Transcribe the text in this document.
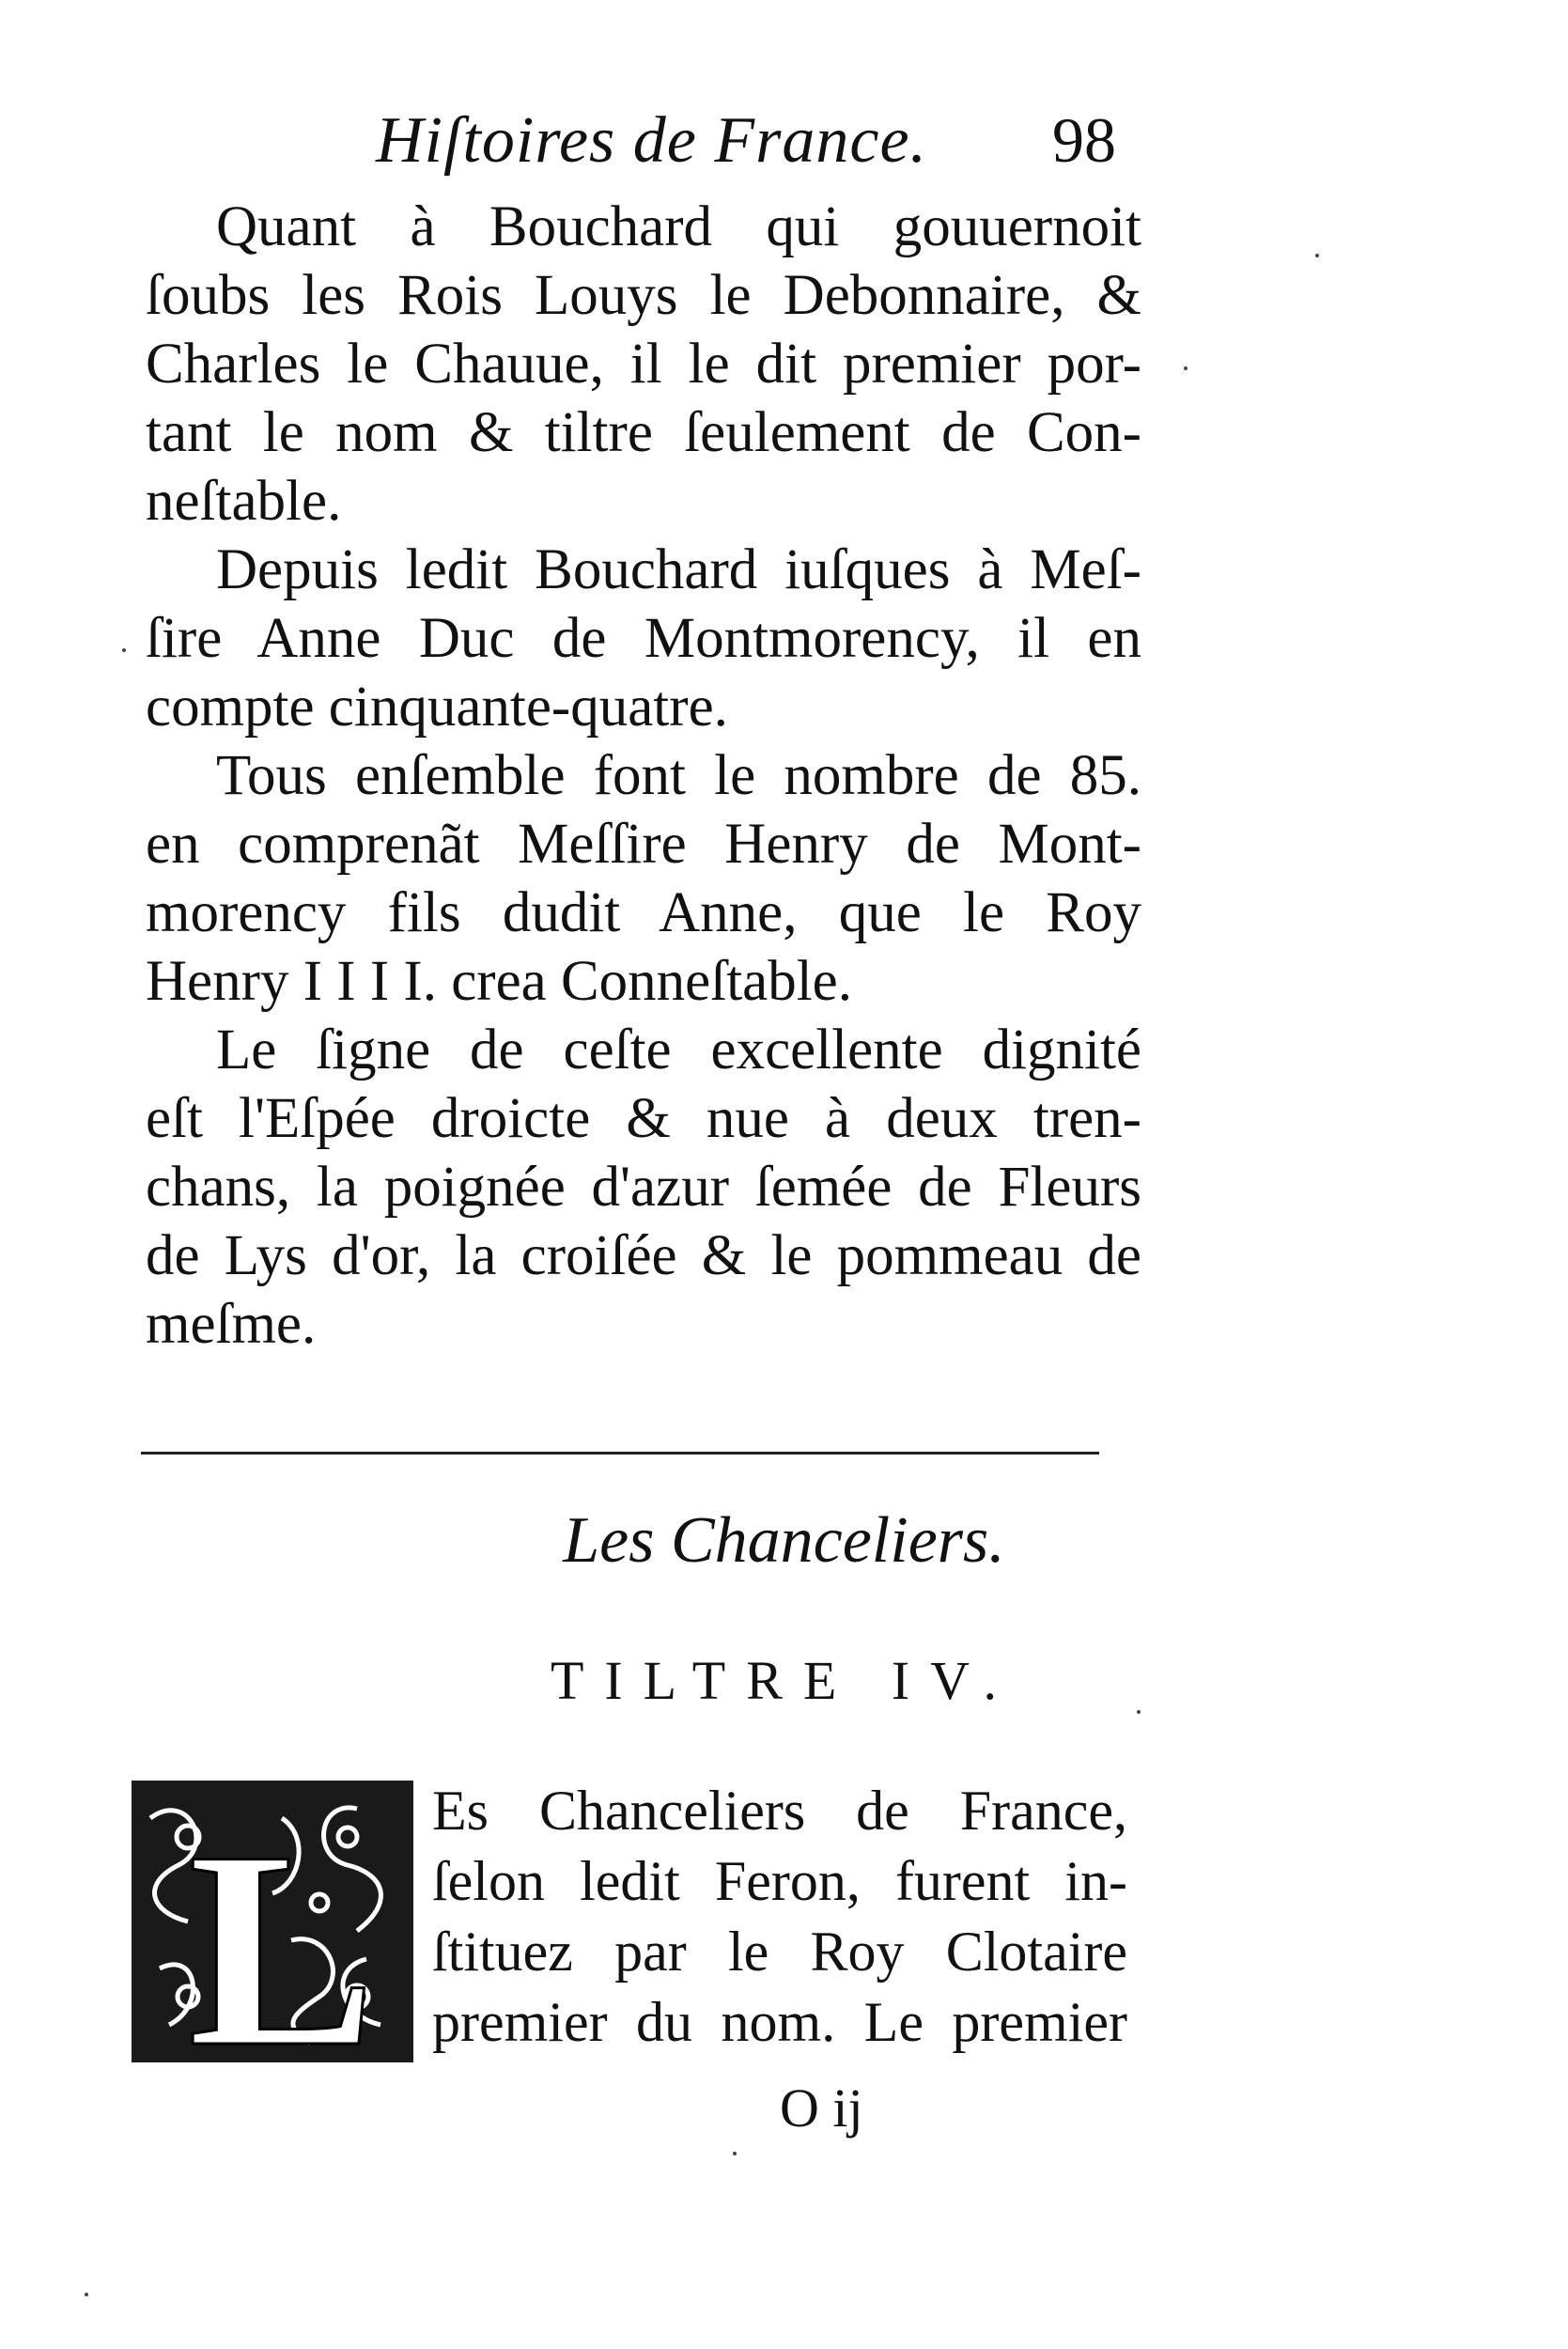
Hiſtoires de France. 98
Quant à Bouchard qui gouuernoit
ſoubs les Rois Louys le Debonnaire, &
Charles le Chauue, il le dit premier por-
tant le nom & tiltre ſeulement de Con-
neſtable.
Depuis ledit Bouchard iuſques à Meſ-
ſire Anne Duc de Montmorency, il en
compte cinquante-quatre.
Tous enſemble font le nombre de 85.
en comprenãt Meſſire Henry de Mont-
morency fils dudit Anne, que le Roy
Henry I I I I. crea Conneſtable.
Le ſigne de ceſte excellente dignité
eſt l'Eſpée droicte & nue à deux tren-
chans, la poignée d'azur ſemée de Fleurs
de Lys d'or, la croiſée & le pommeau de
meſme.
Les Chanceliers.
TILTRE IV.
L Es Chanceliers de France,
ſelon ledit Feron, furent in-
ſtituez par le Roy Clotaire
premier du nom. Le premier
O ij
